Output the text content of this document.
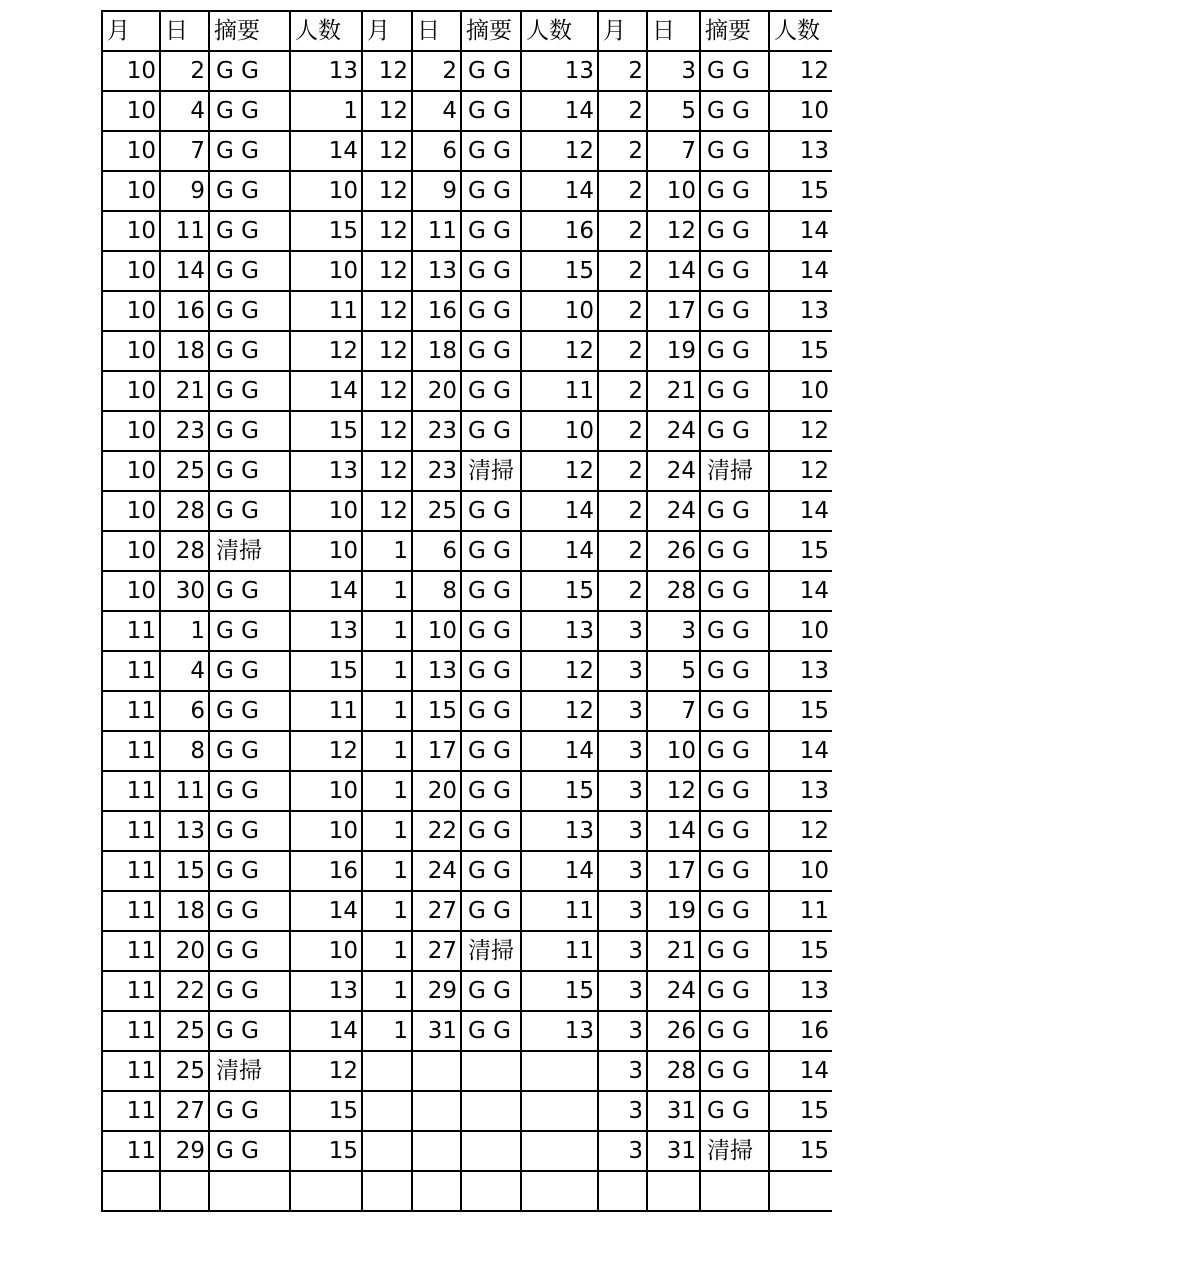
月	日	摘要	人数	月	日	摘要	人数	月	日	摘要	人数
10	2	G G	13	12	2	G G	13	2	3	G G	12
10	4	G G	1	12	4	G G	14	2	5	G G	10
10	7	G G	14	12	6	G G	12	2	7	G G	13
10	9	G G	10	12	9	G G	14	2	10	G G	15
10	11	G G	15	12	11	G G	16	2	12	G G	14
10	14	G G	10	12	13	G G	15	2	14	G G	14
10	16	G G	11	12	16	G G	10	2	17	G G	13
10	18	G G	12	12	18	G G	12	2	19	G G	15
10	21	G G	14	12	20	G G	11	2	21	G G	10
10	23	G G	15	12	23	G G	10	2	24	G G	12
10	25	G G	13	12	23	清掃	12	2	24	清掃	12
10	28	G G	10	12	25	G G	14	2	24	G G	14
10	28	清掃	10	1	6	G G	14	2	26	G G	15
10	30	G G	14	1	8	G G	15	2	28	G G	14
11	1	G G	13	1	10	G G	13	3	3	G G	10
11	4	G G	15	1	13	G G	12	3	5	G G	13
11	6	G G	11	1	15	G G	12	3	7	G G	15
11	8	G G	12	1	17	G G	14	3	10	G G	14
11	11	G G	10	1	20	G G	15	3	12	G G	13
11	13	G G	10	1	22	G G	13	3	14	G G	12
11	15	G G	16	1	24	G G	14	3	17	G G	10
11	18	G G	14	1	27	G G	11	3	19	G G	11
11	20	G G	10	1	27	清掃	11	3	21	G G	15
11	22	G G	13	1	29	G G	15	3	24	G G	13
11	25	G G	14	1	31	G G	13	3	26	G G	16
11	25	清掃	12					3	28	G G	14
11	27	G G	15					3	31	G G	15
11	29	G G	15					3	31	清掃	15
